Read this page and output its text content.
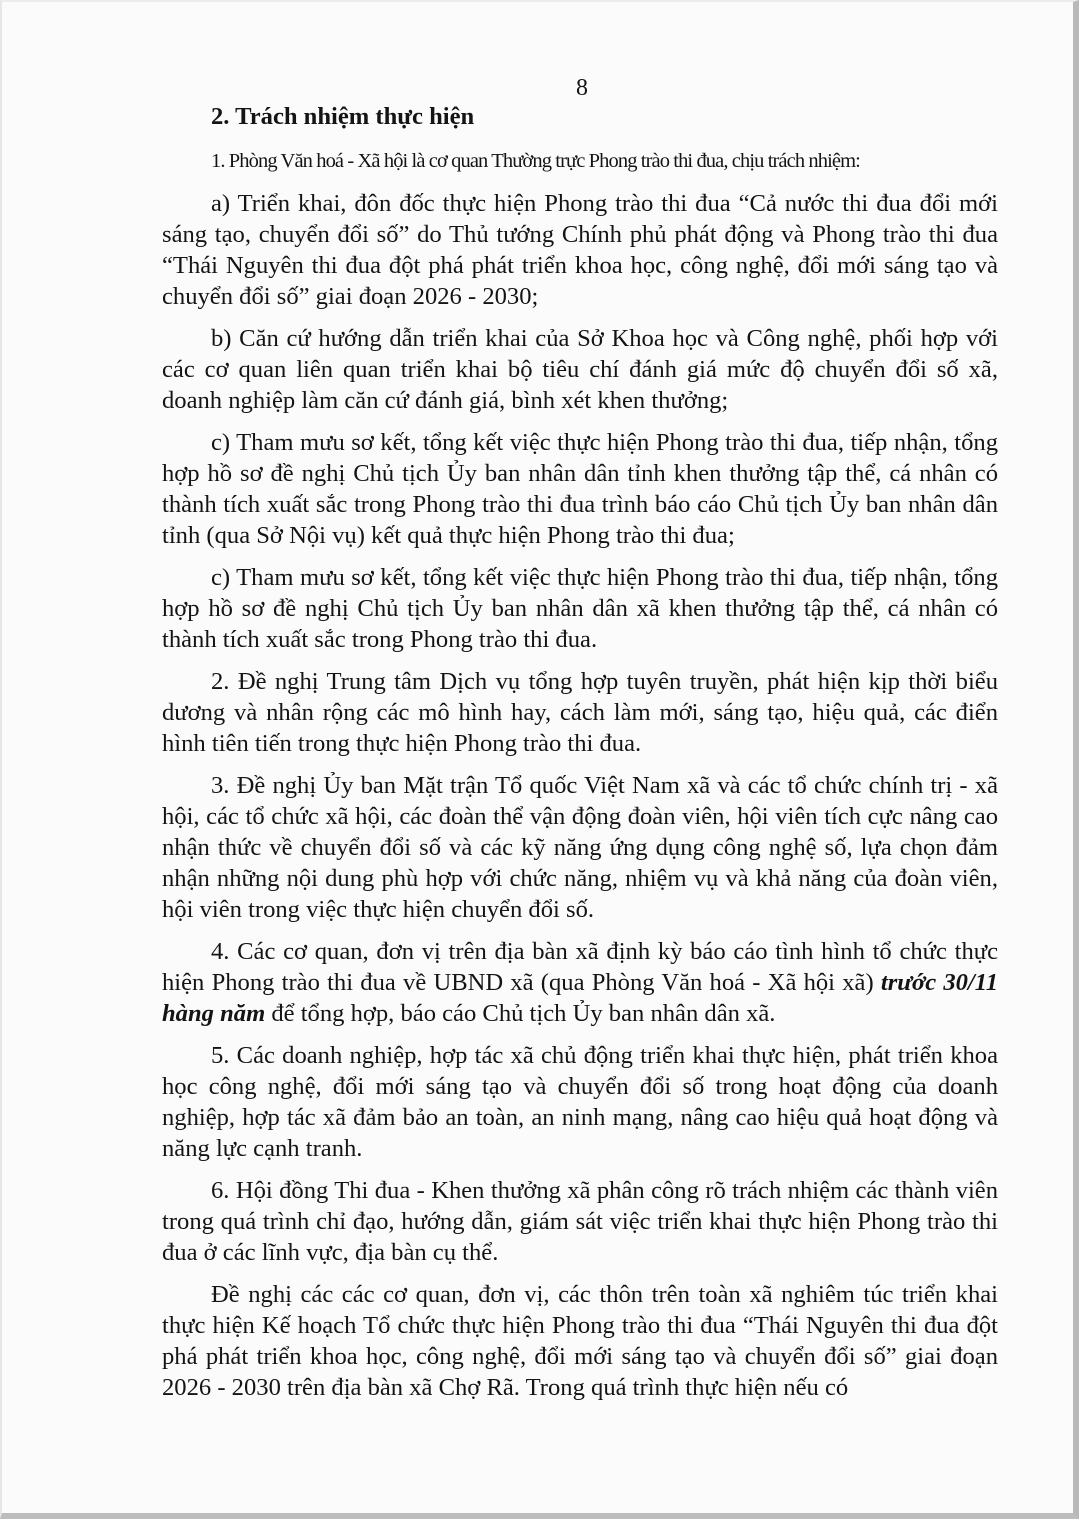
8
2. Trách nhiệm thực hiện

1. Phòng Văn hoá - Xã hội là cơ quan Thường trực Phong trào thi đua, chịu trách nhiệm:

a) Triển khai, đôn đốc thực hiện Phong trào thi đua “Cả nước thi đua đổi mới sáng tạo, chuyển đổi số” do Thủ tướng Chính phủ phát động và Phong trào thi đua “Thái Nguyên thi đua đột phá phát triển khoa học, công nghệ, đổi mới sáng tạo và chuyển đổi số” giai đoạn 2026 - 2030;

b) Căn cứ hướng dẫn triển khai của Sở Khoa học và Công nghệ, phối hợp với các cơ quan liên quan triển khai bộ tiêu chí đánh giá mức độ chuyển đổi số xã, doanh nghiệp làm căn cứ đánh giá, bình xét khen thưởng;

c) Tham mưu sơ kết, tổng kết việc thực hiện Phong trào thi đua, tiếp nhận, tổng hợp hồ sơ đề nghị Chủ tịch Ủy ban nhân dân tỉnh khen thưởng tập thể, cá nhân có thành tích xuất sắc trong Phong trào thi đua trình báo cáo Chủ tịch Ủy ban nhân dân tỉnh (qua Sở Nội vụ) kết quả thực hiện Phong trào thi đua;

c) Tham mưu sơ kết, tổng kết việc thực hiện Phong trào thi đua, tiếp nhận, tổng hợp hồ sơ đề nghị Chủ tịch Ủy ban nhân dân xã khen thưởng tập thể, cá nhân có thành tích xuất sắc trong Phong trào thi đua.

2. Đề nghị Trung tâm Dịch vụ tổng hợp tuyên truyền, phát hiện kịp thời biểu dương và nhân rộng các mô hình hay, cách làm mới, sáng tạo, hiệu quả, các điển hình tiên tiến trong thực hiện Phong trào thi đua.

3. Đề nghị Ủy ban Mặt trận Tổ quốc Việt Nam xã và các tổ chức chính trị - xã hội, các tổ chức xã hội, các đoàn thể vận động đoàn viên, hội viên tích cực nâng cao nhận thức về chuyển đổi số và các kỹ năng ứng dụng công nghệ số, lựa chọn đảm nhận những nội dung phù hợp với chức năng, nhiệm vụ và khả năng của đoàn viên, hội viên trong việc thực hiện chuyển đổi số.

4. Các cơ quan, đơn vị trên địa bàn xã định kỳ báo cáo tình hình tổ chức thực hiện Phong trào thi đua về UBND xã (qua Phòng Văn hoá - Xã hội xã) trước 30/11 hàng năm để tổng hợp, báo cáo Chủ tịch Ủy ban nhân dân xã.

5. Các doanh nghiệp, hợp tác xã chủ động triển khai thực hiện, phát triển khoa học công nghệ, đổi mới sáng tạo và chuyển đổi số trong hoạt động của doanh nghiệp, hợp tác xã đảm bảo an toàn, an ninh mạng, nâng cao hiệu quả hoạt động và năng lực cạnh tranh.

6. Hội đồng Thi đua - Khen thưởng xã phân công rõ trách nhiệm các thành viên trong quá trình chỉ đạo, hướng dẫn, giám sát việc triển khai thực hiện Phong trào thi đua ở các lĩnh vực, địa bàn cụ thể.

Đề nghị các các cơ quan, đơn vị, các thôn trên toàn xã nghiêm túc triển khai thực hiện Kế hoạch Tổ chức thực hiện Phong trào thi đua “Thái Nguyên thi đua đột phá phát triển khoa học, công nghệ, đổi mới sáng tạo và chuyển đổi số” giai đoạn 2026 - 2030 trên địa bàn xã Chợ Rã. Trong quá trình thực hiện nếu có
